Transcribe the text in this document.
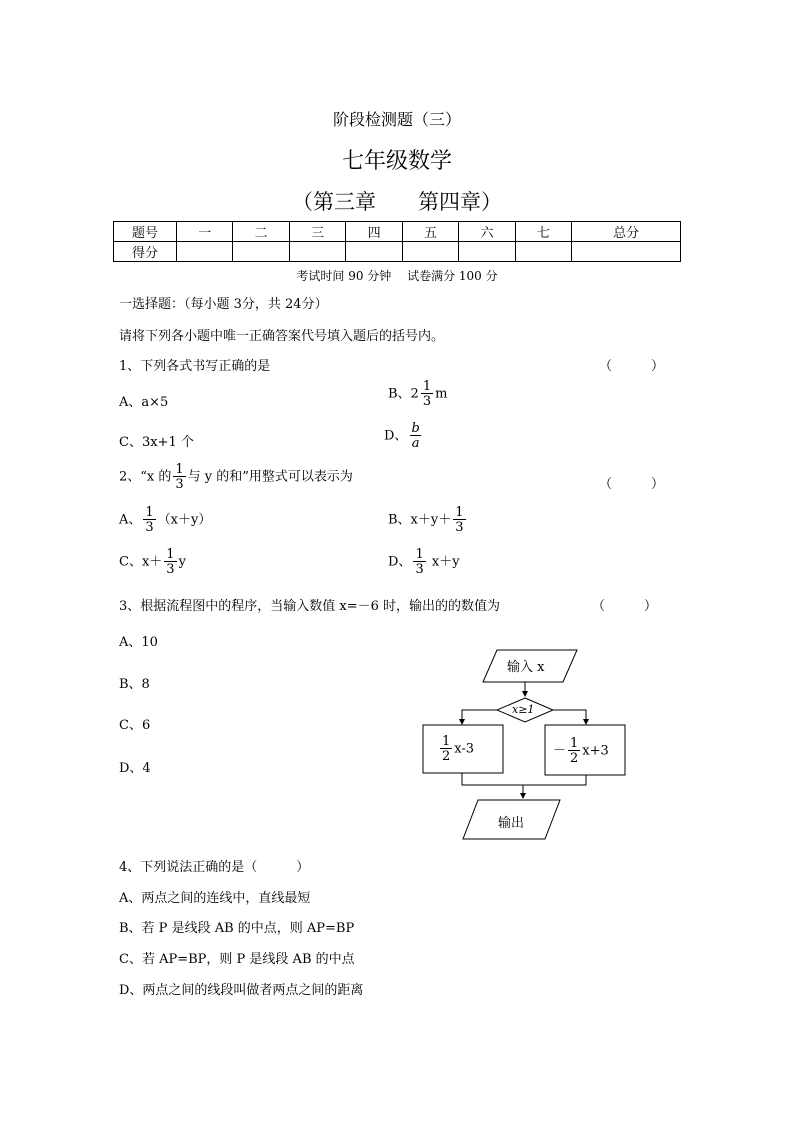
阶段检测题（三）
七年级数学
（第三章　　第四章）
题号	一	二	三	四	五	六	七	总分
得分								
考试时间 90 分钟　 试卷满分 100 分
一选择题：（每小题 3分，共 24分）
请将下列各小题中唯一正确答案代号填入题后的括号内。
1、下列各式书写正确的是	（　　　）
A、a×5
B、$2 \frac{1}{3}$ m
C、3x+1 个	D、 $\frac{b}{a}$
2、“x 的 $\frac{1}{3}$ 与 y 的和”用整式可以表示为	（　　　）
A、 $\frac{1}{3} (x+y)$	B、$x+y+ \frac{1}{3}$
C、$x+ \frac{1}{3}$ y	D、 $\frac{1}{3} x+y$
3、根据流程图中的程序，当输入数值 x=－6 时，输出的的数值为	（　　　）
A、10
B、8
C、6
D、4
输入 x
x≥1
$\frac{1}{2} x-3$	－ $\frac{1}{2} x+3$
输出
4、下列说法正确的是（　　　）
A、两点之间的连线中，直线最短
B、若 P 是线段 AB 的中点，则 AP=BP
C、若 AP=BP，则 P 是线段 AB 的中点
D、两点之间的线段叫做者两点之间的距离
